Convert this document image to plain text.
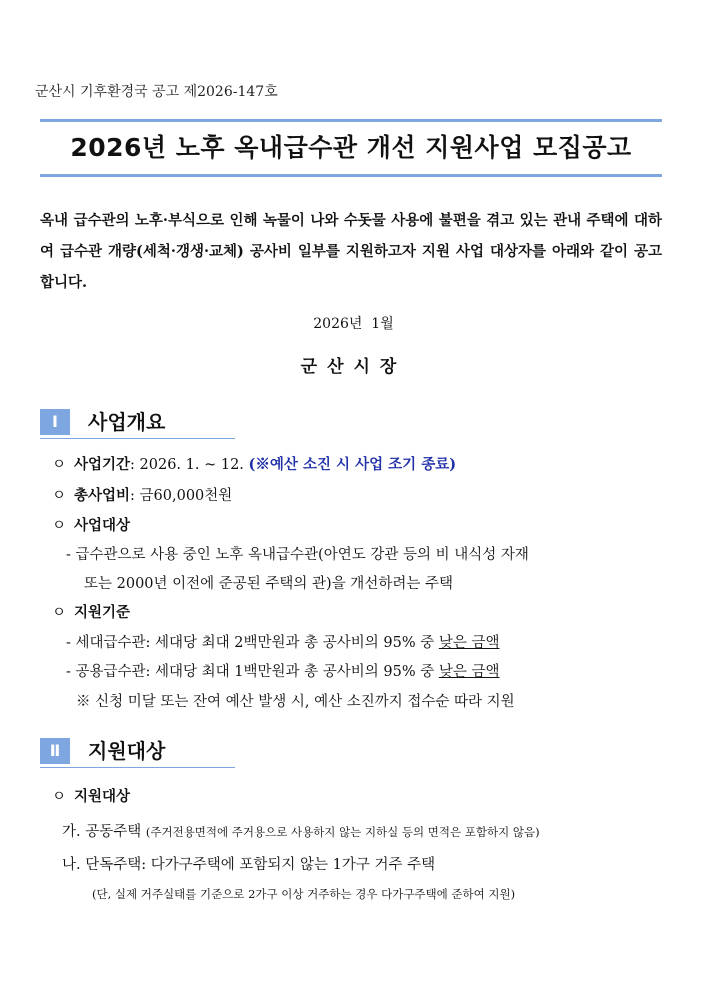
군산시 기후환경국 공고 제2026-147호
2026년 노후 옥내급수관 개선 지원사업 모집공고
옥내 급수관의 노후·부식으로 인해 녹물이 나와 수돗물 사용에 불편을 겪고 있는 관내 주택에 대하여 급수관 개량(세척·갱생·교체) 공사비 일부를 지원하고자 지원 사업 대상자를 아래와 같이 공고합니다.
2026년  1월
군산시장
Ⅰ	사업개요
ㅇ 사업기간: 2026. 1. ~ 12. (※예산 소진 시 사업 조기 종료)
ㅇ 총사업비: 금60,000천원
ㅇ 사업대상
- 급수관으로 사용 중인 노후 옥내급수관(아연도 강관 등의 비 내식성 자재
또는 2000년 이전에 준공된 주택의 관)을 개선하려는 주택
ㅇ 지원기준
- 세대급수관: 세대당 최대 2백만원과 총 공사비의 95% 중 낮은 금액
- 공용급수관: 세대당 최대 1백만원과 총 공사비의 95% 중 낮은 금액
※ 신청 미달 또는 잔여 예산 발생 시, 예산 소진까지 접수순 따라 지원
Ⅱ	지원대상
ㅇ 지원대상
가. 공동주택 (주거전용면적에 주거용으로 사용하지 않는 지하실 등의 면적은 포함하지 않음)
나. 단독주택: 다가구주택에 포함되지 않는 1가구 거주 주택
(단, 실제 거주실태를 기준으로 2가구 이상 거주하는 경우 다가구주택에 준하여 지원)
